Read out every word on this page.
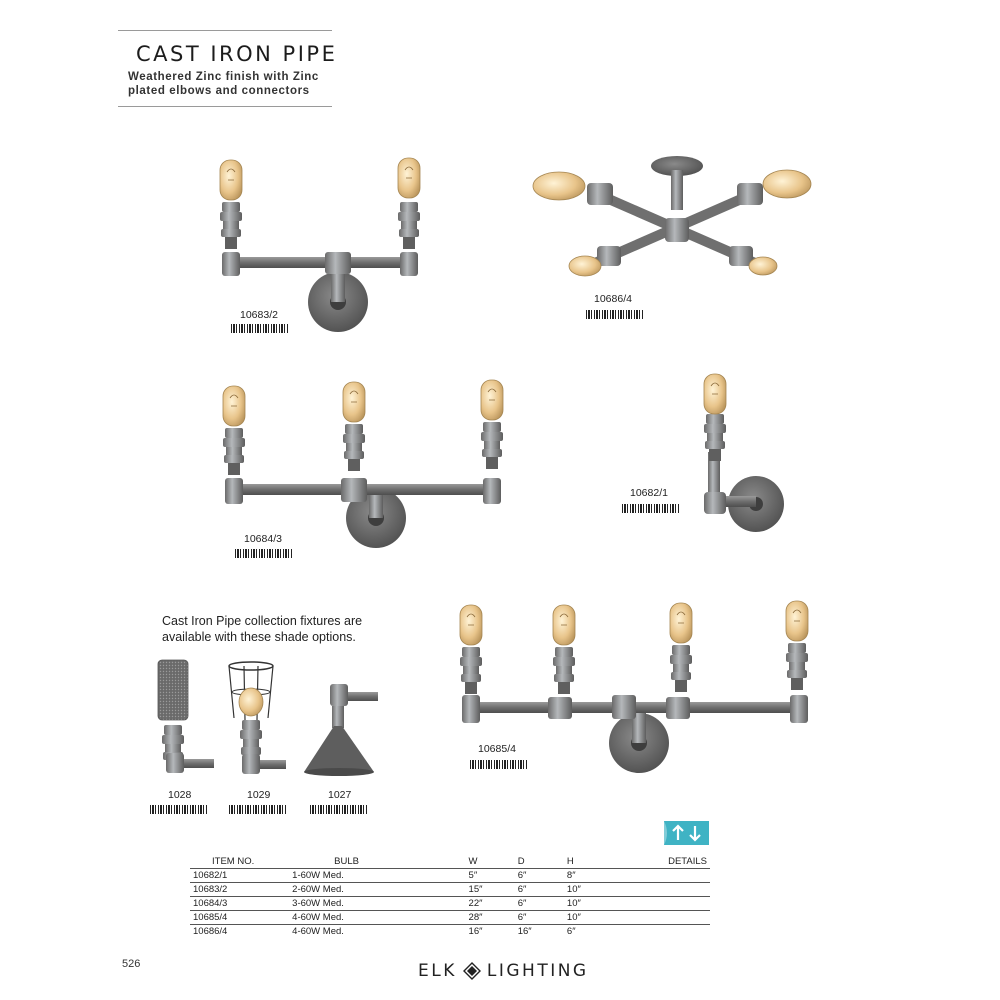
CAST IRON PIPE
Weathered Zinc finish with Zinc plated elbows and connectors
10683/2
10686/4
10684/3
10682/1
Cast Iron Pipe collection fixtures are available with these shade options.
1028	1029	1027
10685/4
ITEM NO.	BULB	W	D	H	DETAILS
10682/1	1-60W Med.	5″	6″	8″	
10683/2	2-60W Med.	15″	6″	10″	
10684/3	3-60W Med.	22″	6″	10″	
10685/4	4-60W Med.	28″	6″	10″	
10686/4	4-60W Med.	16″	16″	6″	
526	ELK LIGHTING
